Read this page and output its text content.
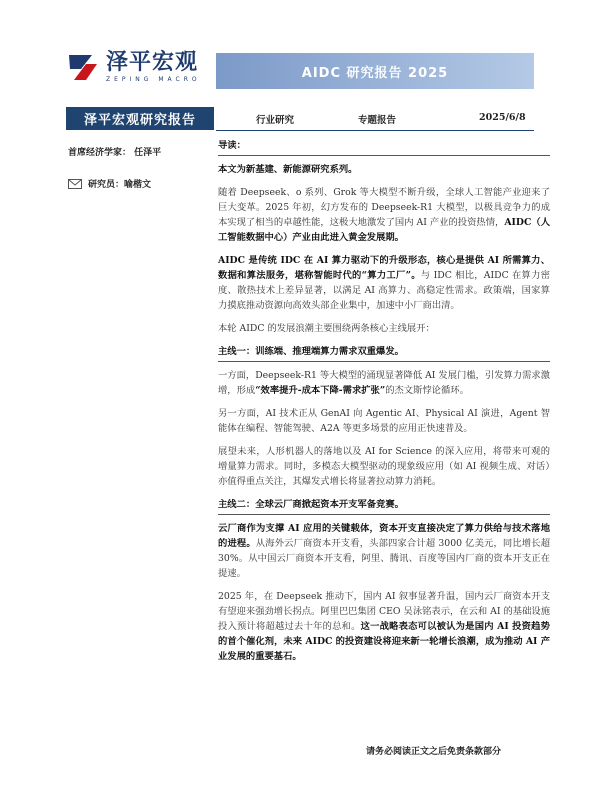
泽平宏观
ZEPING MACRO	AIDC 研究报告 2025
泽平宏观研究报告	行业研究	专题报告	2025/6/8
首席经济学家： 任泽平
研究员：喻楷文

导读：

本文为新基建、新能源研究系列。

随着 Deepseek、o 系列、Grok 等大模型不断升级，全球人工智能产业迎来了巨大变革。2025 年初，幻方发布的 Deepseek-R1 大模型，以极具竞争力的成本实现了相当的卓越性能，这极大地激发了国内 AI 产业的投资热情，AIDC（人工智能数据中心）产业由此进入黄金发展期。

AIDC 是传统 IDC 在 AI 算力驱动下的升级形态，核心是提供 AI 所需算力、数据和算法服务，堪称智能时代的“算力工厂”。与 IDC 相比，AIDC 在算力密度、散热技术上差异显著，以满足 AI 高算力、高稳定性需求。政策端，国家算力摸底推动资源向高效头部企业集中，加速中小厂商出清。

本轮 AIDC 的发展浪潮主要围绕两条核心主线展开：

主线一：训练端、推理端算力需求双重爆发。

一方面，Deepseek-R1 等大模型的涌现显著降低 AI 发展门槛，引发算力需求激增，形成“效率提升-成本下降-需求扩张”的杰文斯悖论循环。

另一方面，AI 技术正从 GenAI 向 Agentic AI、Physical AI 演进，Agent 智能体在编程、智能驾驶、A2A 等更多场景的应用正快速普及。

展望未来，人形机器人的落地以及 AI for Science 的深入应用，将带来可观的增量算力需求。同时，多模态大模型驱动的现象级应用（如 AI 视频生成、对话）亦值得重点关注，其爆发式增长将显著拉动算力消耗。

主线二：全球云厂商掀起资本开支军备竞赛。

云厂商作为支撑 AI 应用的关键载体，资本开支直接决定了算力供给与技术落地的进程。从海外云厂商资本开支看，头部四家合计超 3000 亿美元，同比增长超 30%。从中国云厂商资本开支看，阿里、腾讯、百度等国内厂商的资本开支正在提速。

2025 年，在 Deepseek 推动下，国内 AI 叙事显著升温，国内云厂商资本开支有望迎来强劲增长拐点。阿里巴巴集团 CEO 吴泳铭表示，在云和 AI 的基础设施投入预计将超越过去十年的总和。这一战略表态可以被认为是国内 AI 投资趋势的首个催化剂，未来 AIDC 的投资建设将迎来新一轮增长浪潮，成为推动 AI 产业发展的重要基石。

请务必阅读正文之后免责条款部分
